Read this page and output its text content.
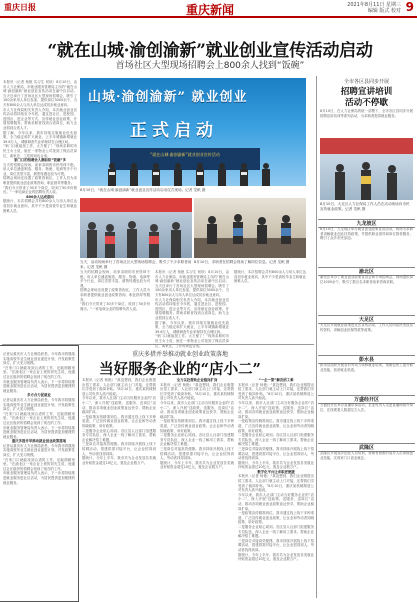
重庆日报	重庆新闻	2021年8月11日 星期三
编辑 版式 校对 9
“就在山城·渝创渝新”就业创业宣传活动启动
首场社区大型现场招聘会上800余人找到“饭碗”
本报讯（记者 杨艳 实习生 何欣）8月10日，由市人力社保局、市就业服务管理局主办的“就在山城·渝创渝新”就业创业宣传活动在渝中区启动。当天还举行了首场社区大型现场招聘会，吸引了100余家用人单位参加，提供岗位3000余个，当天有800余人与用人单位达成初步就业意向。
市人力社保局相关负责人介绍，本次就业创业宣传活动将持续至今年底，通过进社区、进校园、进园区、进企业等方式，宣传就业创业政策，开展招聘服务，帮助求职者找到合适岗位，助力企业招到合适人才。
据了解，今年以来，我市持续实施就业优先政策，全力稳定和扩大就业，上半年城镇新增就业39.6万人，城镇调查失业率保持在合理区间。
“家门口就能找工作，太方便了！”现场求职的市民王女士说，她在一家物业公司找到了保洁员岗位，离家近，工作时间也合适。
家门口的招聘会人潮如织“饭碗”多
当天的招聘会现场，前来求职的市民络绎不绝。用人单位涵盖制造、服务、物流、电商等多个行业，岗位类型丰富，薪资待遇也较为可观。
招聘会现场还设置了政策咨询区，工作人员为求职者提供就业创业政策咨询、职业指导等服务。
“我们今天带来了30多个岗位，收到了50多份简历。”一家电商企业的招聘负责人说。
800余人达成意向
据统计，本次招聘会共有800余人与用人单位达成初步就业意向，其中不少是高校毕业生和就业困难人员。
山城·渝创渝新” 就业创业
正式启动
“就在山城·渝创渝新”就业创业宣传活动
8月10日，“就在山城·渝创渝新”就业创业宣传活动启动仪式现场。记者 龙帆 摄
当天，活动现场举行了首场社区大型现场招聘会，吸引了不少求职者前来。记者 龙帆 摄
8月10日，求职者在招聘会现场了解岗位信息。记者 龙帆 摄
当天的招聘会现场，前来求职的市民络绎不绝。用人单位涵盖制造、服务、物流、电商等多个行业，岗位类型丰富，薪资待遇也较为可观。
招聘会现场还设置了政策咨询区，工作人员为求职者提供就业创业政策咨询、职业指导等服务。
“我们今天带来了30多个岗位，收到了50多份简历。”一家电商企业的招聘负责人说。
本报讯（记者 杨艳 实习生 何欣）8月10日，由市人力社保局、市就业服务管理局主办的“就在山城·渝创渝新”就业创业宣传活动在渝中区启动。当天还举行了首场社区大型现场招聘会，吸引了100余家用人单位参加，提供岗位3000余个，当天有800余人与用人单位达成初步就业意向。
市人力社保局相关负责人介绍，本次就业创业宣传活动将持续至今年底，通过进社区、进校园、进园区、进企业等方式，宣传就业创业政策，开展招聘服务，帮助求职者找到合适岗位，助力企业招到合适人才。
据了解，今年以来，我市持续实施就业优先政策，全力稳定和扩大就业，上半年城镇新增就业39.6万人，城镇调查失业率保持在合理区间。
“家门口就能找工作，太方便了！”现场求职的市民王女士说，她在一家物业公司找到了保洁员岗位，离家近，工作时间也合适。
据统计，本次招聘会共有800余人与用人单位达成初步就业意向，其中不少是高校毕业生和就业困难人员。
记者从重庆市人力社保局获悉，今年我市将继续实施高校毕业生就业创业促进计划，开发政策性岗位，扩大见习规模。
“在家门口就能找到合适的工作，还能照顾家里。”在渝北区一家企业上班的刘先生说，他通过社区组织的招聘会找到了现在的工作。
市就业服务管理局负责人表示，下一步将持续推进就业服务进社区活动，为居民提供更加便捷的就业服务。
多方合力促就业
记者从重庆市人力社保局获悉，今年我市将继续实施高校毕业生就业创业促进计划，开发政策性岗位，扩大见习规模。
“在家门口就能找到合适的工作，还能照顾家里。”在渝北区一家企业上班的刘先生说，他通过社区组织的招聘会找到了现在的工作。
市就业服务管理局负责人表示，下一步将持续推进就业服务进社区活动，为居民提供更加便捷的就业服务。
重庆多措并举推动就业创业政策落地
记者从重庆市人力社保局获悉，今年我市将继续实施高校毕业生就业创业促进计划，开发政策性岗位，扩大见习规模。
“在家门口就能找到合适的工作，还能照顾家里。”在渝北区一家企业上班的刘先生说，他通过社区组织的招聘会找到了现在的工作。
市就业服务管理局负责人表示，下一步将持续推进就业服务进社区活动，为居民提供更加便捷的就业服务。
重庆多措并举推动就业创业政策落地
当好服务企业的“店小二”
本报讯（记者 杨艳）“真没想到，我们企业刚提出招工需求，人社部门就主动上门对接，还帮我们享受到了稳岗补贴。”8月10日，重庆某机械制造公司负责人高兴地说。
今年以来，我市人社部门主动当好服务企业的“店小二”，深入开展“送政策、送服务、送岗位”活动，推动各项就业创业政策直达快享，帮助企业稳岗扩岗。
一是政策宣传精准到位。我市通过线上线下多种渠道，广泛宣传就业创业政策，让企业和劳动者知晓政策、用好政策。
二是服务企业贴心周到。各区县人社部门组建服务专员队伍，深入企业一线了解用工需求，帮助企业解决招工难题。
三是岗位对接高效便捷。我市持续开展线上线下招聘活动，搭建供需对接平台，让企业招得到人、劳动者找得到岗。
据统计，今年上半年，我市共为企业发放各类就业补贴资金超过10亿元，惠及企业数万户。
全力以赴帮助企业稳岗扩岗
本报讯（记者 杨艳）“真没想到，我们企业刚提出招工需求，人社部门就主动上门对接，还帮我们享受到了稳岗补贴。”8月10日，重庆某机械制造公司负责人高兴地说。
今年以来，我市人社部门主动当好服务企业的“店小二”，深入开展“送政策、送服务、送岗位”活动，推动各项就业创业政策直达快享，帮助企业稳岗扩岗。
一是政策宣传精准到位。我市通过线上线下多种渠道，广泛宣传就业创业政策，让企业和劳动者知晓政策、用好政策。
二是服务企业贴心周到。各区县人社部门组建服务专员队伍，深入企业一线了解用工需求，帮助企业解决招工难题。
三是岗位对接高效便捷。我市持续开展线上线下招聘活动，搭建供需对接平台，让企业招得到人、劳动者找得到岗。
据统计，今年上半年，我市共为企业发放各类就业补贴资金超过10亿元，惠及企业数万户。
“一企一策”解决招工难
本报讯（记者 杨艳）“真没想到，我们企业刚提出招工需求，人社部门就主动上门对接，还帮我们享受到了稳岗补贴。”8月10日，重庆某机械制造公司负责人高兴地说。
今年以来，我市人社部门主动当好服务企业的“店小二”，深入开展“送政策、送服务、送岗位”活动，推动各项就业创业政策直达快享，帮助企业稳岗扩岗。
一是政策宣传精准到位。我市通过线上线下多种渠道，广泛宣传就业创业政策，让企业和劳动者知晓政策、用好政策。
二是服务企业贴心周到。各区县人社部门组建服务专员队伍，深入企业一线了解用工需求，帮助企业解决招工难题。
三是岗位对接高效便捷。我市持续开展线上线下招聘活动，搭建供需对接平台，让企业招得到人、劳动者找得到岗。
据统计，今年上半年，我市共为企业发放各类就业补贴资金超过10亿元，惠及企业数万户。
数字化平台让求职更便捷
本报讯（记者 杨艳）“真没想到，我们企业刚提出招工需求，人社部门就主动上门对接，还帮我们享受到了稳岗补贴。”8月10日，重庆某机械制造公司负责人高兴地说。
今年以来，我市人社部门主动当好服务企业的“店小二”，深入开展“送政策、送服务、送岗位”活动，推动各项就业创业政策直达快享，帮助企业稳岗扩岗。
一是政策宣传精准到位。我市通过线上线下多种渠道，广泛宣传就业创业政策，让企业和劳动者知晓政策、用好政策。
二是服务企业贴心周到。各区县人社部门组建服务专员队伍，深入企业一线了解用工需求，帮助企业解决招工难题。
三是岗位对接高效便捷。我市持续开展线上线下招聘活动，搭建供需对接平台，让企业招得到人、劳动者找得到岗。
据统计，今年上半年，我市共为企业发放各类就业补贴资金超过10亿元，惠及企业数万户。
全市各区县同步开展
招聘宣讲培训
活动不停歇
8月10日，在人力社保局的统一部署下，全市各区县同步开展招聘宣讲培训等系列活动，为求职者提供就业服务。
8月10日，大足区人力社保局工作人员在活动现场向市民宣传就业政策。记者 龙帆 摄
九龙坡区
8月10日，九龙坡区举办就业创业政策宣讲活动，现场为求职者讲解就业创业扶持政策，并提供职业指导和岗位推荐服务，吸引了众多市民参加。
渝北区
渝北区举办了就业创业政策宣讲会和专场招聘会，现场提供岗位1000余个，吸引了数百名求职者前来咨询求职。
大足区
大足区开展就业政策进社区宣传活动，工作人员向居民发放宣传资料，讲解创业担保贷款等政策。
彭水县
彭水县组织开展农村劳动力转移就业培训，帮助农民工提升职业技能，拓宽就业渠道。
万盛经开区
万盛经开区举办直播带岗活动，企业负责人走进直播间推介岗位，在线观看人数超过万人次。
武隆区
武隆区开展返乡创业人员培训，帮助有意愿的返乡人员掌握创业技能，实现家门口创业就业。
